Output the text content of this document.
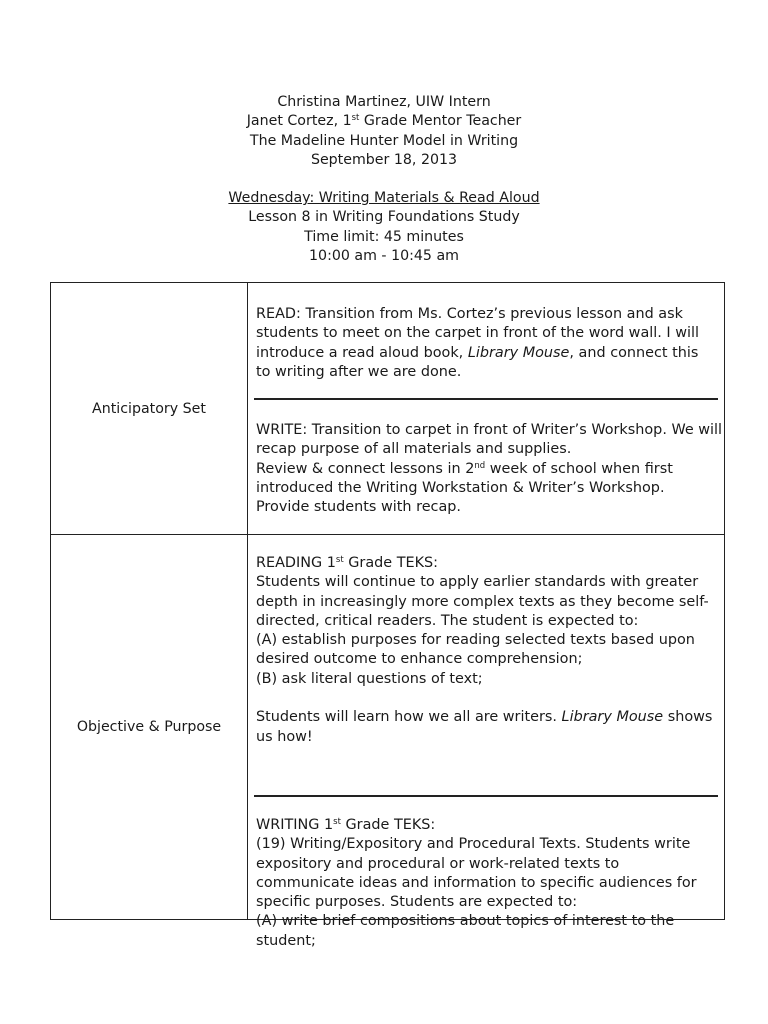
Christina Martinez, UIW Intern
Janet Cortez, 1st Grade Mentor Teacher
The Madeline Hunter Model in Writing
September 18, 2013
Wednesday: Writing Materials & Read Aloud
Lesson 8 in Writing Foundations Study
Time limit: 45 minutes
10:00 am - 10:45 am
Anticipatory Set
READ: Transition from Ms. Cortez’s previous lesson and ask
students to meet on the carpet in front of the word wall. I will
introduce a read aloud book, Library Mouse, and connect this
to writing after we are done.
WRITE: Transition to carpet in front of Writer’s Workshop. We will
recap purpose of all materials and supplies.
Review & connect lessons in 2nd week of school when first
introduced the Writing Workstation & Writer’s Workshop.
Provide students with recap.
Objective & Purpose
READING 1st Grade TEKS:
Students will continue to apply earlier standards with greater
depth in increasingly more complex texts as they become self-
directed, critical readers. The student is expected to:
(A) establish purposes for reading selected texts based upon
desired outcome to enhance comprehension;
(B) ask literal questions of text;

Students will learn how we all are writers. Library Mouse shows
us how!
WRITING 1st Grade TEKS:
(19) Writing/Expository and Procedural Texts. Students write
expository and procedural or work-related texts to
communicate ideas and information to specific audiences for
specific purposes. Students are expected to:
(A) write brief compositions about topics of interest to the
student;
